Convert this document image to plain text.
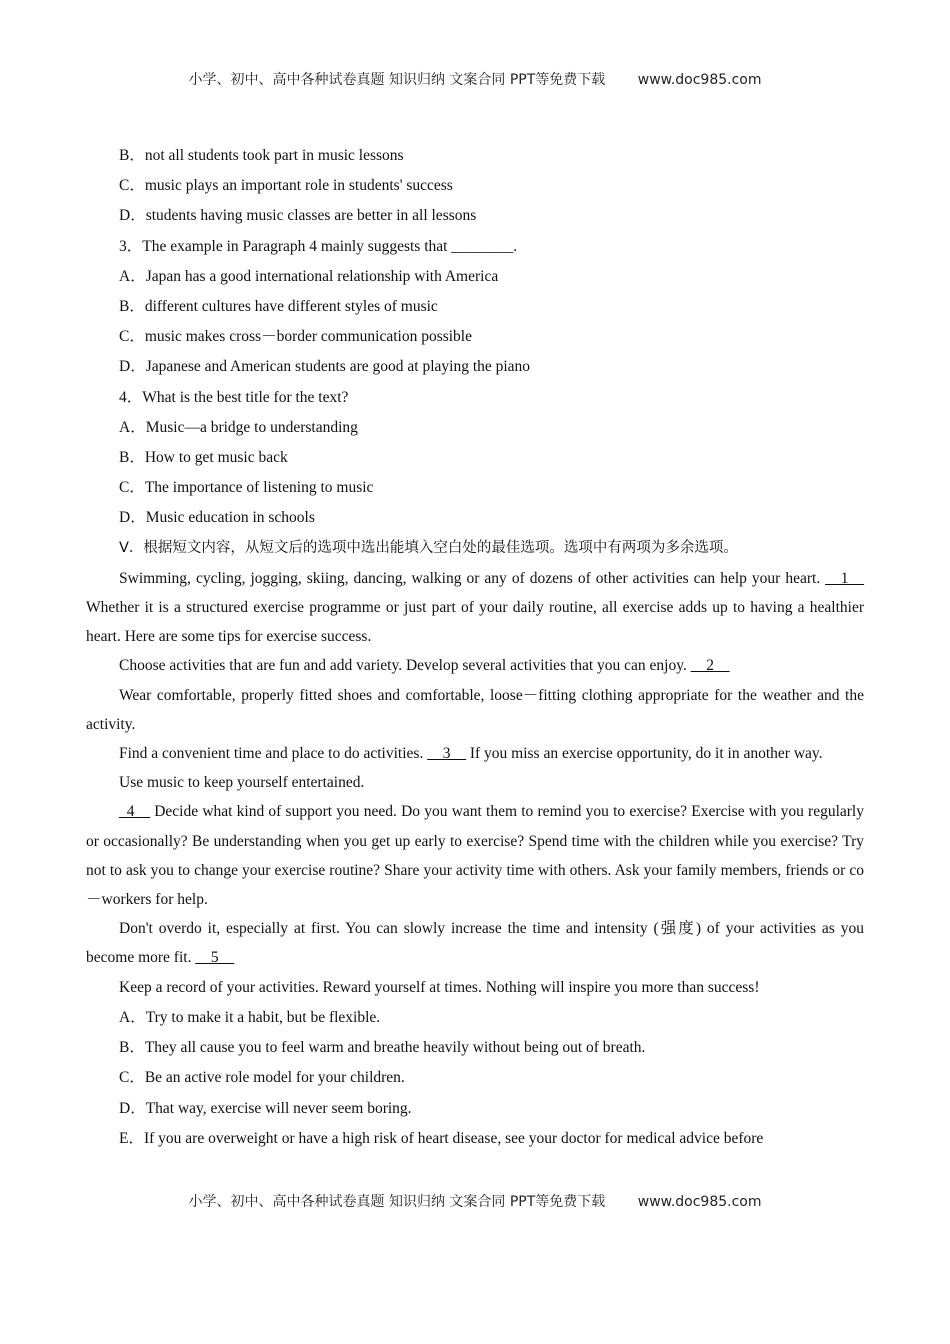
小学、初中、高中各种试卷真题 知识归纳 文案合同 PPT等免费下载 www.doc985.com
B．not all students took part in music lessons
C．music plays an important role in students' success
D．students having music classes are better in all lessons
3．The example in Paragraph 4 mainly suggests that ________.
A．Japan has a good international relationship with America
B．different cultures have different styles of music
C．music makes cross－border communication possible
D．Japanese and American students are good at playing the piano
4．What is the best title for the text?
A．Music—a bridge to understanding
B．How to get music back
C．The importance of listening to music
D．Music education in schools
V．根据短文内容，从短文后的选项中选出能填入空白处的最佳选项。选项中有两项为多余选项。

Swimming, cycling, jogging, skiing, dancing, walking or any of dozens of other activities can help your heart. __1__ Whether it is a structured exercise programme or just part of your daily routine, all exercise adds up to having a healthier heart. Here are some tips for exercise success.

Choose activities that are fun and add variety. Develop several activities that you can enjoy. __2__

Wear comfortable, properly fitted shoes and comfortable, loose－fitting clothing appropriate for the weather and the activity.

Find a convenient time and place to do activities. __3__ If you miss an exercise opportunity, do it in another way.

Use music to keep yourself entertained.

_4__ Decide what kind of support you need. Do you want them to remind you to exercise? Exercise with you regularly or occasionally? Be understanding when you get up early to exercise? Spend time with the children while you exercise? Try not to ask you to change your exercise routine? Share your activity time with others. Ask your family members, friends or co－workers for help.

Don't overdo it, especially at first. You can slowly increase the time and intensity (强度) of your activities as you become more fit. __5__

Keep a record of your activities. Reward yourself at times. Nothing will inspire you more than success!

A．Try to make it a habit, but be flexible.
B．They all cause you to feel warm and breathe heavily without being out of breath.
C．Be an active role model for your children.
D．That way, exercise will never seem boring.
E．If you are overweight or have a high risk of heart disease, see your doctor for medical advice before
小学、初中、高中各种试卷真题 知识归纳 文案合同 PPT等免费下载 www.doc985.com
